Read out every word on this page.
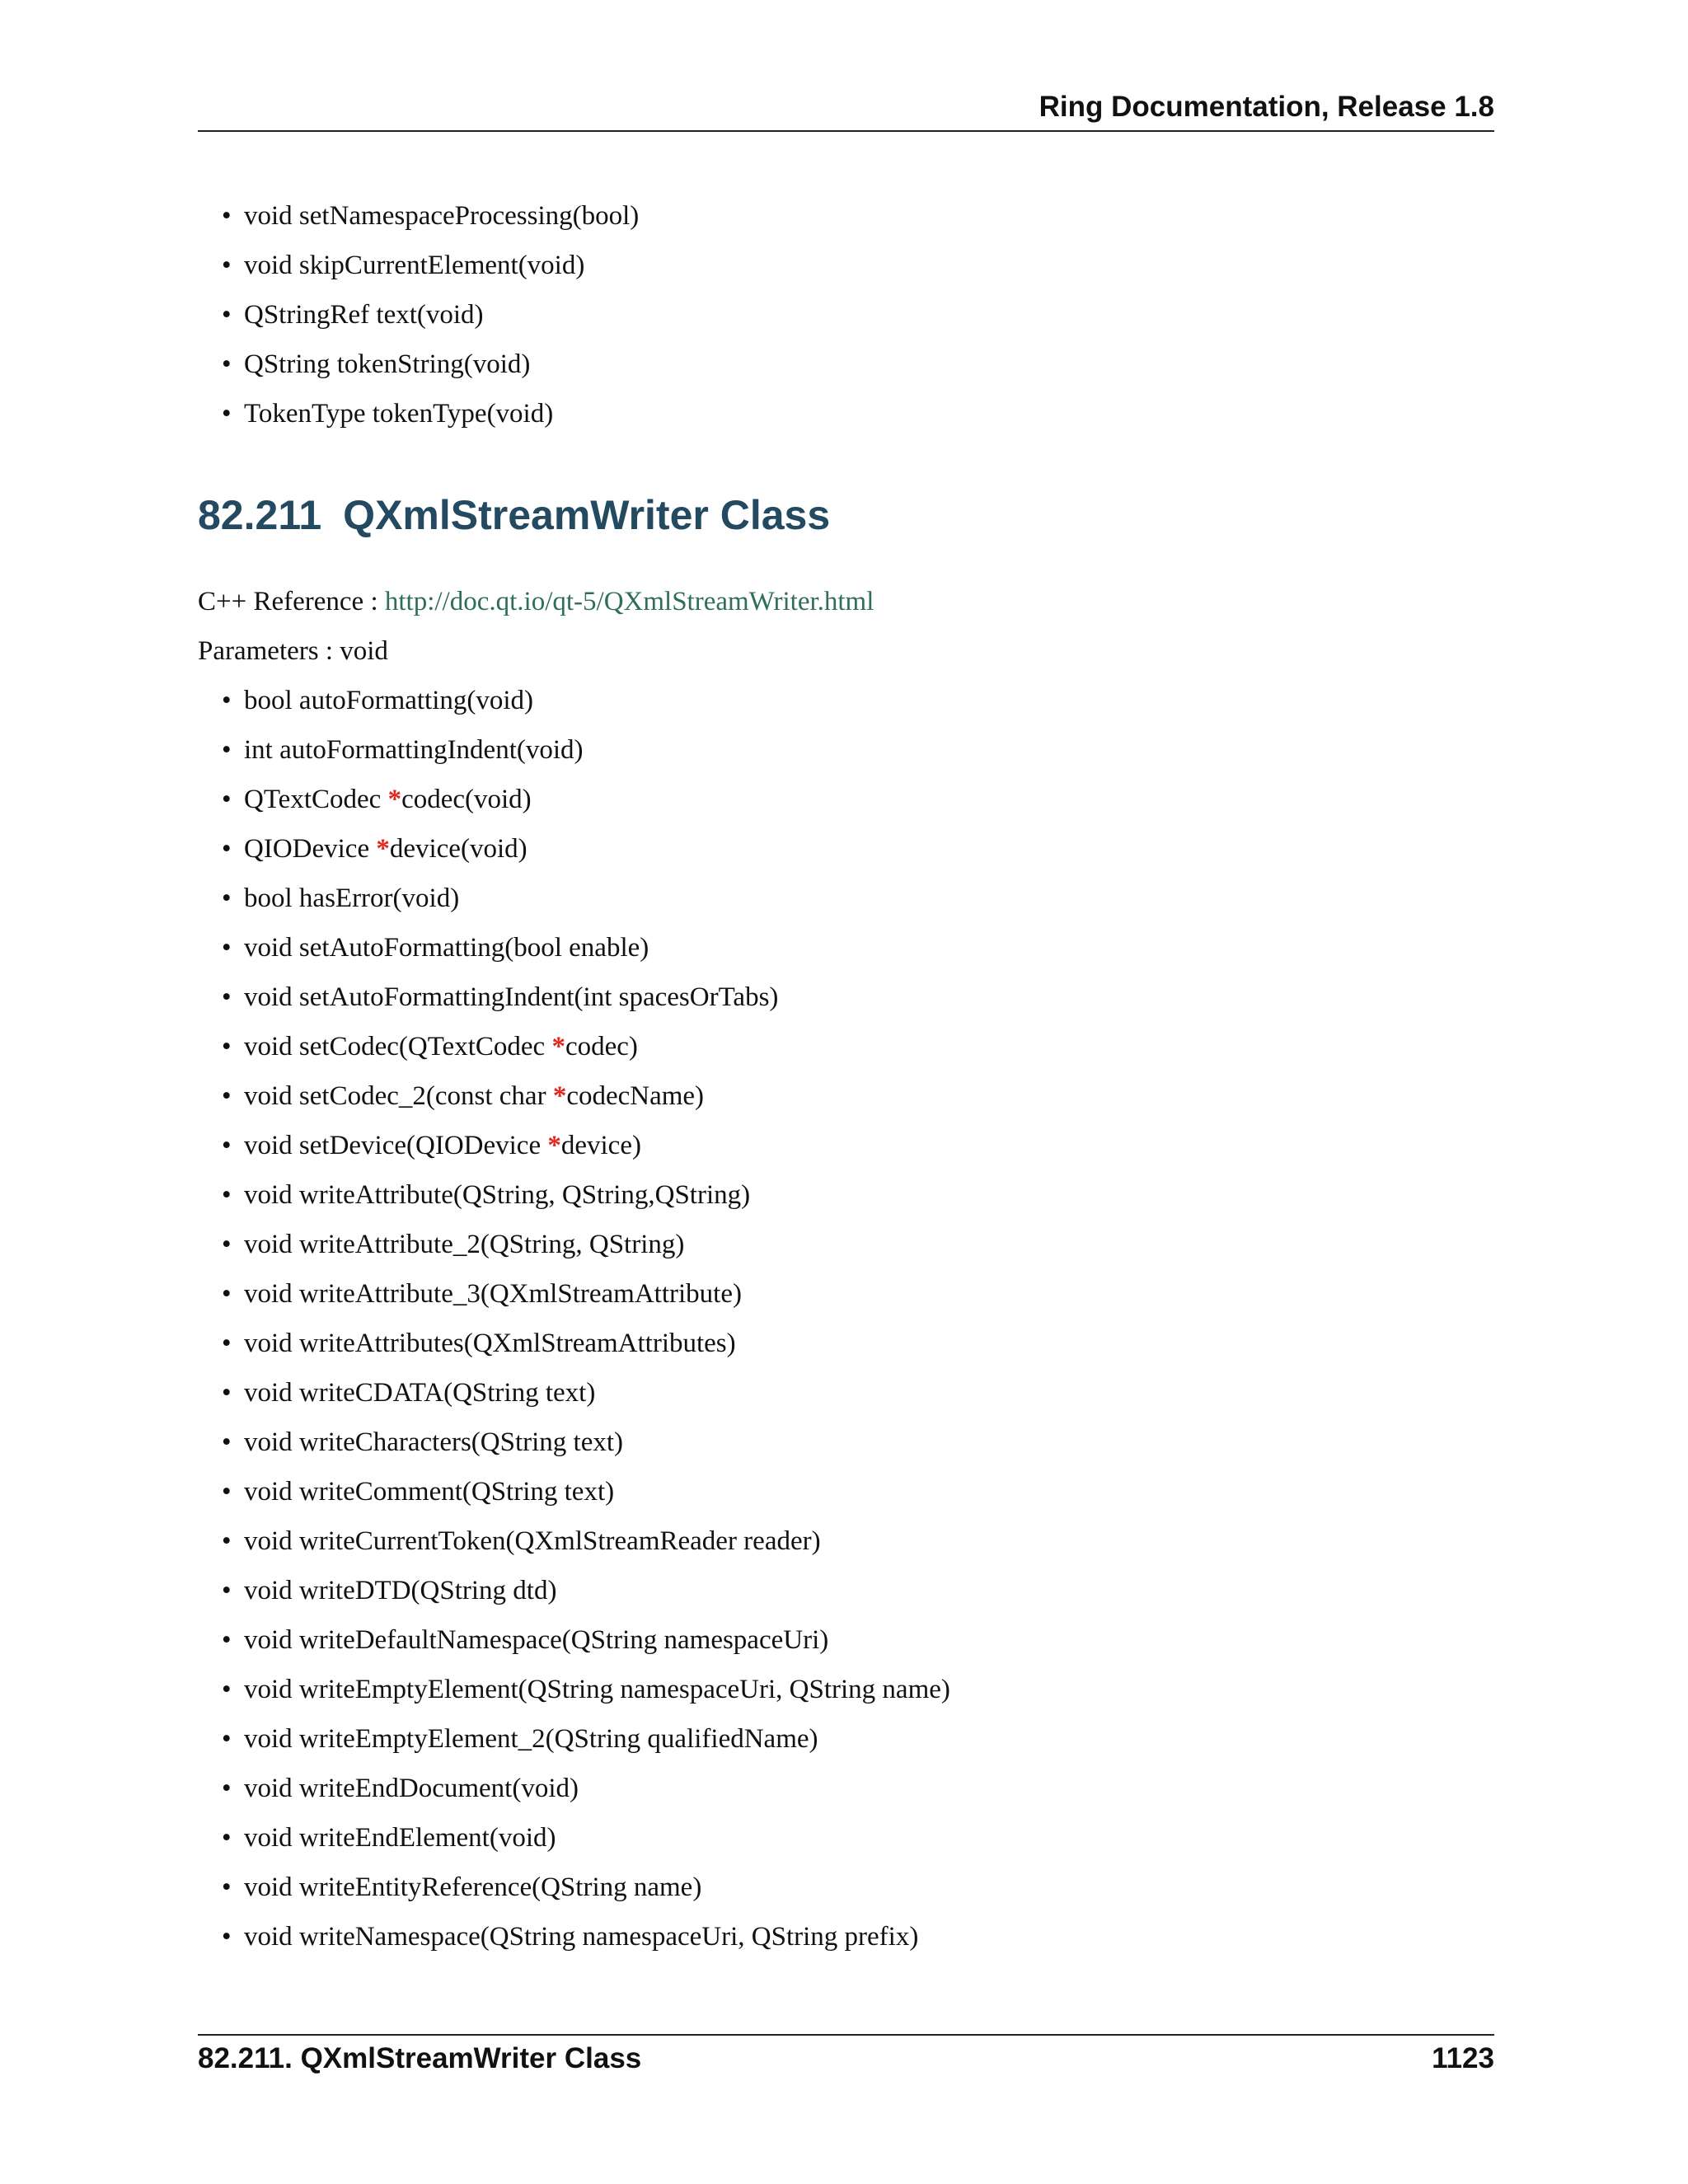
Ring Documentation, Release 1.8
• void setNamespaceProcessing(bool)
• void skipCurrentElement(void)
• QStringRef text(void)
• QString tokenString(void)
• TokenType tokenType(void)
82.211 QXmlStreamWriter Class
C++ Reference : http://doc.qt.io/qt-5/QXmlStreamWriter.html
Parameters : void
• bool autoFormatting(void)
• int autoFormattingIndent(void)
• QTextCodec *codec(void)
• QIODevice *device(void)
• bool hasError(void)
• void setAutoFormatting(bool enable)
• void setAutoFormattingIndent(int spacesOrTabs)
• void setCodec(QTextCodec *codec)
• void setCodec_2(const char *codecName)
• void setDevice(QIODevice *device)
• void writeAttribute(QString, QString,QString)
• void writeAttribute_2(QString, QString)
• void writeAttribute_3(QXmlStreamAttribute)
• void writeAttributes(QXmlStreamAttributes)
• void writeCDATA(QString text)
• void writeCharacters(QString text)
• void writeComment(QString text)
• void writeCurrentToken(QXmlStreamReader reader)
• void writeDTD(QString dtd)
• void writeDefaultNamespace(QString namespaceUri)
• void writeEmptyElement(QString namespaceUri, QString name)
• void writeEmptyElement_2(QString qualifiedName)
• void writeEndDocument(void)
• void writeEndElement(void)
• void writeEntityReference(QString name)
• void writeNamespace(QString namespaceUri, QString prefix)
82.211. QXmlStreamWriter Class	1123
